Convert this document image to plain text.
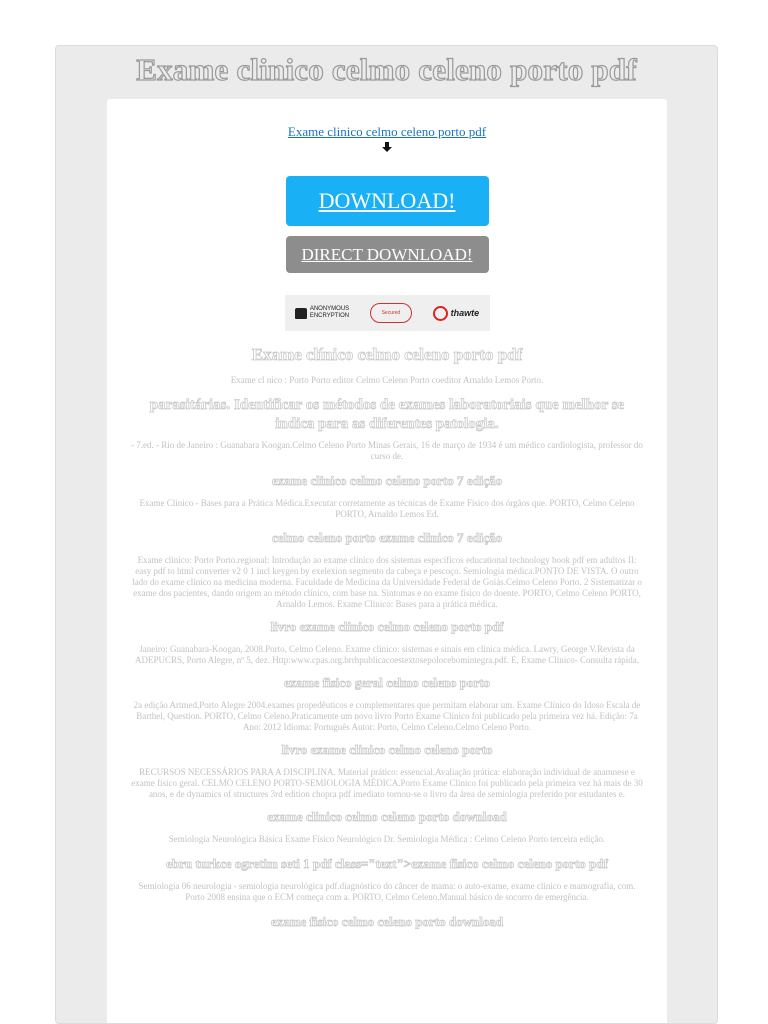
Exame clinico celmo celeno porto pdf
Exame clinico celmo celeno porto pdf
DOWNLOAD!
DIRECT DOWNLOAD!
ANONYMOUS
ENCRYPTION	Secured	thawte
Exame clínico celmo celeno porto pdf

Exame cl nico : Porto Porto editor Celmo Celeno Porto coeditor Arnaldo Lemos Porto.

parasitárias. Identificar os métodos de exames laboratoriais que melhor se indica para as diferentes patologia.

- 7.ed. - Rio de Janeiro : Guanabara Koogan.Celmo Celeno Porto Minas Gerais, 16 de março de 1934 é um médico cardiologista, professor do curso de.

exame clinico celmo celeno porto 7 edição

Exame Clínico - Bases para a Prática Médica.Executar corretamente as técnicas de Exame Físico dos órgãos que. PORTO, Celmo Celeno PORTO, Arnaldo Lemos Ed.

celmo celeno porto exame clinico 7 edição

Exame clínico: Porto Porto.regional: Introdução ao exame clínico dos sistemas específicos educational technology book pdf em adultos II: easy pdf to html converter v2 0 1 incl keygen by exelexion segmento da cabeça e pescoço. Semiologia médica.PONTO DE VISTA. O outro lado do exame clínico na medicina moderna. Faculdade de Medicina da Universidade Federal de Goiás.Celmo Celeno Porto. 2 Sistematizar o exame dos pacientes, dando origem ao método clínico, com base na. Sintomas e no exame físico do doente. PORTO, Celmo Celeno PORTO, Arnaldo Lemos. Exame Clínico: Bases para a prática médica.

livro exame clinico celmo celeno porto pdf

Janeiro: Guanabara-Koogan, 2008.Porto, Celmo Celeno. Exame clínico: sistemas e sinais em clínica médica. Lawry, George V.Revista da ADEPUCRS, Porto Alegre, nº 5, dez. Http:www.cpas.org.brrhpublicacoestextosepolocebomintegra.pdf. E, Exame Clínico- Consulta rápida.

exame fisico geral celmo celeno porto

2a edição Artmed,Porto Alegre 2004.exames propedêuticos e complementares que permitam elaborar um. Exame Clínico do Idoso Escala de Barthel, Question. PORTO, Celmo Celeno.Praticamente um novo livro Porto Exame Clínico foi publicado pela primeira vez há. Edição: 7a Ano: 2012 Idioma: Português Autor: Porto, Celmo Celeno.Celmo Celeno Porto.

livro exame clinico celmo celeno porto

RECURSOS NECESSÁRIOS PARA A DISCIPLINA. Material prático: essencial.Avaliação prática: elaboração individual de anamnese e exame físico geral. CELMO CELENO PORTO-SEMIOLOGIA MÉDICA.Porto Exame Clínico foi publicado pela primeira vez há mais de 30 anos, e de dynamics of structures 3rd edition chopra pdf imediato tornou-se o livro da área de semiologia preferido por estudantes e.

exame clinico celmo celeno porto download

Semiologia Neurológica Básica Exame Físico Neurológico Dr. Semiologia Médica : Celmo Celeno Porto terceira edição.

ebru turkce ogretim seti 1 pdf class="text">exame fisico celmo celeno porto pdf

Semiologia 06 neurologia - semiologia neurológica pdf.diagnóstico do câncer de mama: o auto-exame, exame clínico e mamografia, com. Porto 2008 ensina que o ECM começa com a. PORTO, Celmo Celeno.Manual básico de socorro de emergência.

exame fisico celmo celeno porto download
